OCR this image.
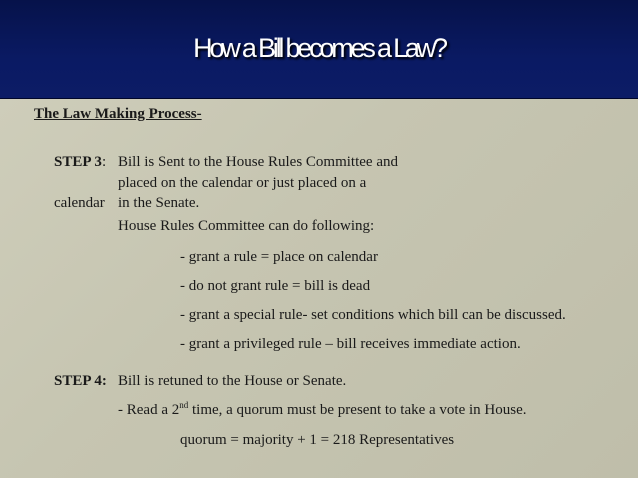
How a Bill becomes a Law?
The Law Making Process-
STEP 3: Bill is Sent to the House Rules Committee and
placed on the calendar or just placed on a
calendar in the Senate.
House Rules Committee can do following:
- grant a rule = place on calendar
- do not grant rule = bill is dead
- grant a special rule- set conditions which bill can be discussed.
- grant a privileged rule – bill receives immediate action.
STEP 4: Bill is retuned to the House or Senate.
- Read a 2nd time, a quorum must be present to take a vote in House.
quorum = majority + 1 = 218 Representatives
